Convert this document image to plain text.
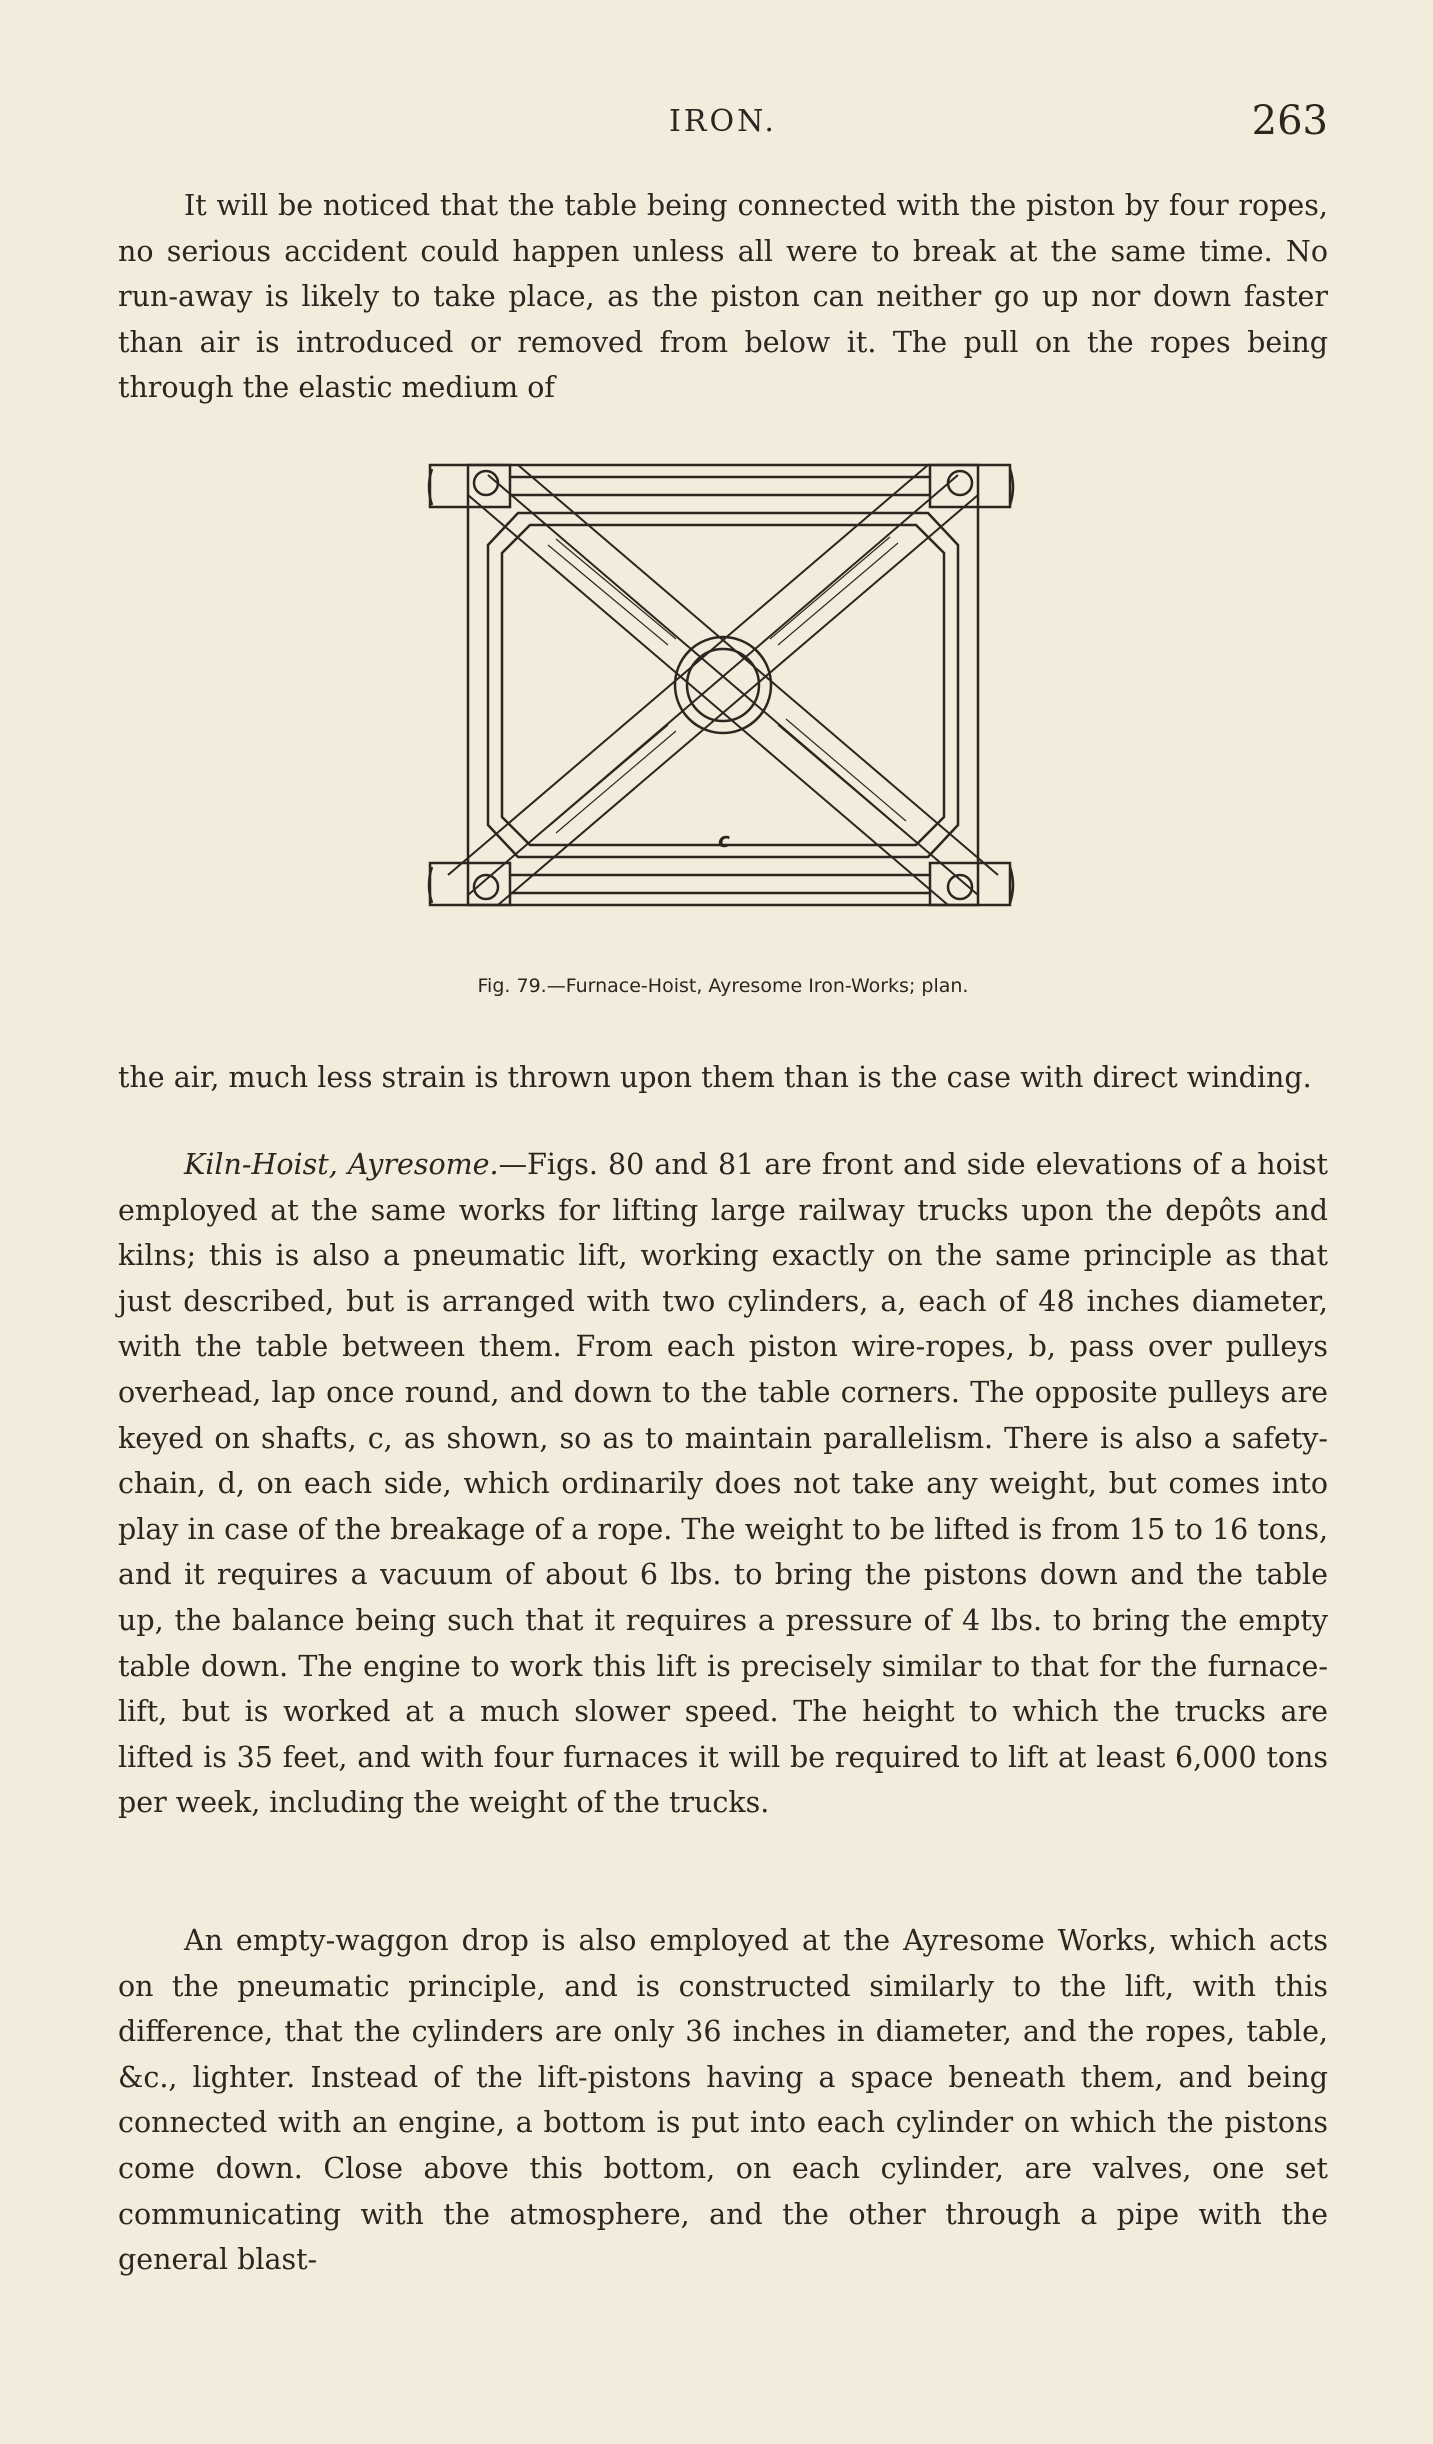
IRON.	263

It will be noticed that the table being connected with the piston by four ropes, no serious accident could happen unless all were to break at the same time. No run-away is likely to take place, as the piston can neither go up nor down faster than air is introduced or removed from below it. The pull on the ropes being through the elastic medium of

c
Fig. 79.—Furnace-Hoist, Ayresome Iron-Works; plan.

the air, much less strain is thrown upon them than is the case with direct winding.

Kiln-Hoist, Ayresome.—Figs. 80 and 81 are front and side elevations of a hoist employed at the same works for lifting large railway trucks upon the depôts and kilns; this is also a pneumatic lift, working exactly on the same principle as that just described, but is arranged with two cylinders, a, each of 48 inches diameter, with the table between them. From each piston wire-ropes, b, pass over pulleys overhead, lap once round, and down to the table corners. The opposite pulleys are keyed on shafts, c, as shown, so as to maintain parallelism. There is also a safety-chain, d, on each side, which ordinarily does not take any weight, but comes into play in case of the breakage of a rope. The weight to be lifted is from 15 to 16 tons, and it requires a vacuum of about 6 lbs. to bring the pistons down and the table up, the balance being such that it requires a pressure of 4 lbs. to bring the empty table down. The engine to work this lift is precisely similar to that for the furnace-lift, but is worked at a much slower speed. The height to which the trucks are lifted is 35 feet, and with four furnaces it will be required to lift at least 6,000 tons per week, including the weight of the trucks.

An empty-waggon drop is also employed at the Ayresome Works, which acts on the pneumatic principle, and is constructed similarly to the lift, with this difference, that the cylinders are only 36 inches in diameter, and the ropes, table, &c., lighter. Instead of the lift-pistons having a space beneath them, and being connected with an engine, a bottom is put into each cylinder on which the pistons come down. Close above this bottom, on each cylinder, are valves, one set communicating with the atmosphere, and the other through a pipe with the general blast-
